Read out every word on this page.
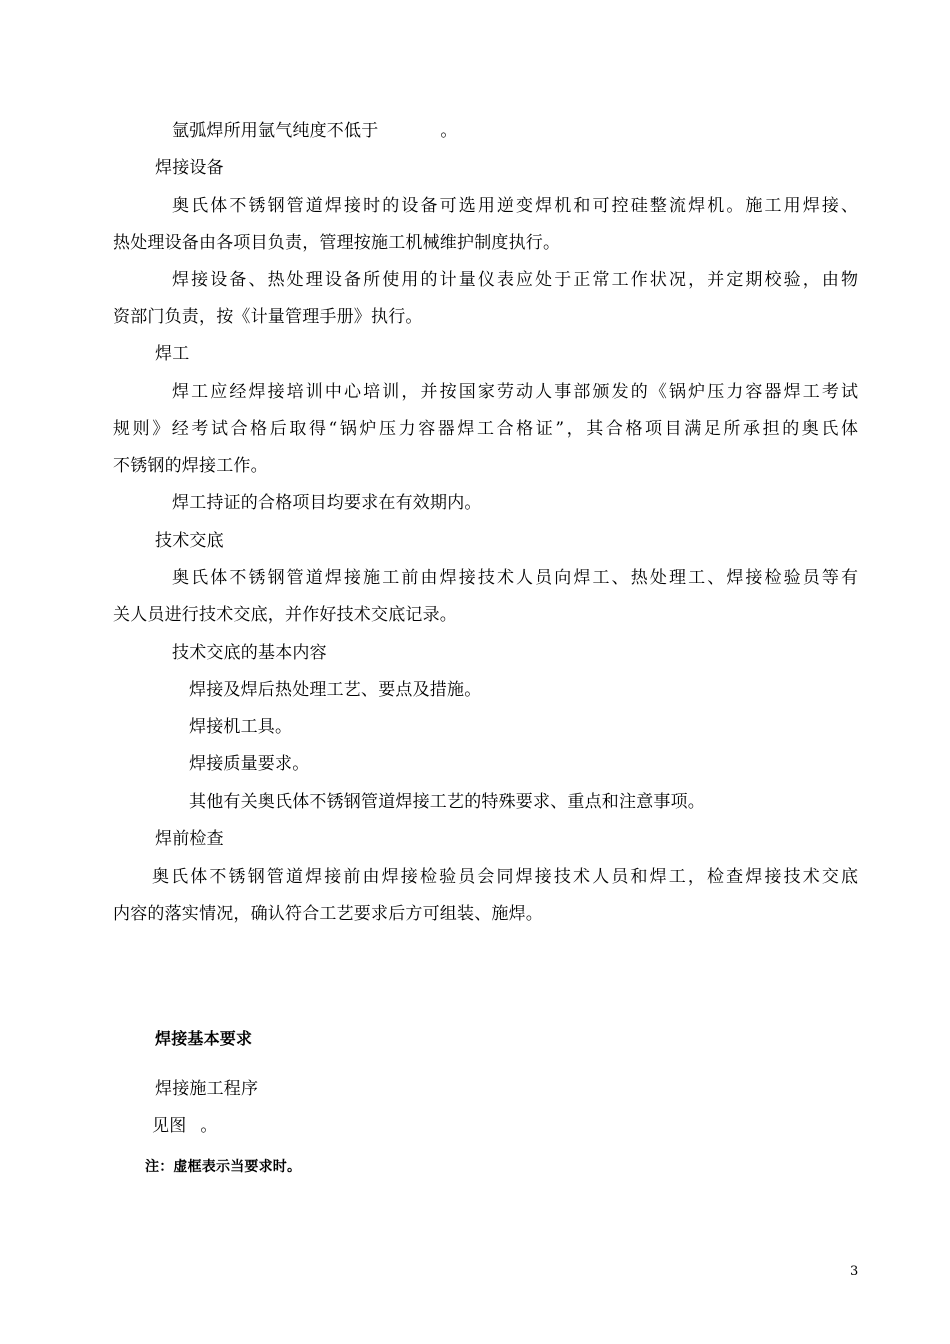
氩弧焊所用氩气纯度不低于	。
焊接设备
奥氏体不锈钢管道焊接时的设备可选用逆变焊机和可控硅整流焊机。施工用焊接、
热处理设备由各项目负责，管理按施工机械维护制度执行。
焊接设备、热处理设备所使用的计量仪表应处于正常工作状况，并定期校验，由物
资部门负责，按《计量管理手册》执行。
焊工
焊工应经焊接培训中心培训，并按国家劳动人事部颁发的《锅炉压力容器焊工考试
规则》经考试合格后取得“锅炉压力容器焊工合格证”，其合格项目满足所承担的奥氏体
不锈钢的焊接工作。
焊工持证的合格项目均要求在有效期内。
技术交底
奥氏体不锈钢管道焊接施工前由焊接技术人员向焊工、热处理工、焊接检验员等有
关人员进行技术交底，并作好技术交底记录。
技术交底的基本内容
焊接及焊后热处理工艺、要点及措施。
焊接机工具。
焊接质量要求。
其他有关奥氏体不锈钢管道焊接工艺的特殊要求、重点和注意事项。
焊前检查
奥氏体不锈钢管道焊接前由焊接检验员会同焊接技术人员和焊工，检查焊接技术交底
内容的落实情况，确认符合工艺要求后方可组装、施焊。
焊接基本要求
焊接施工程序
见图 。
注：虚框表示当要求时。
3
